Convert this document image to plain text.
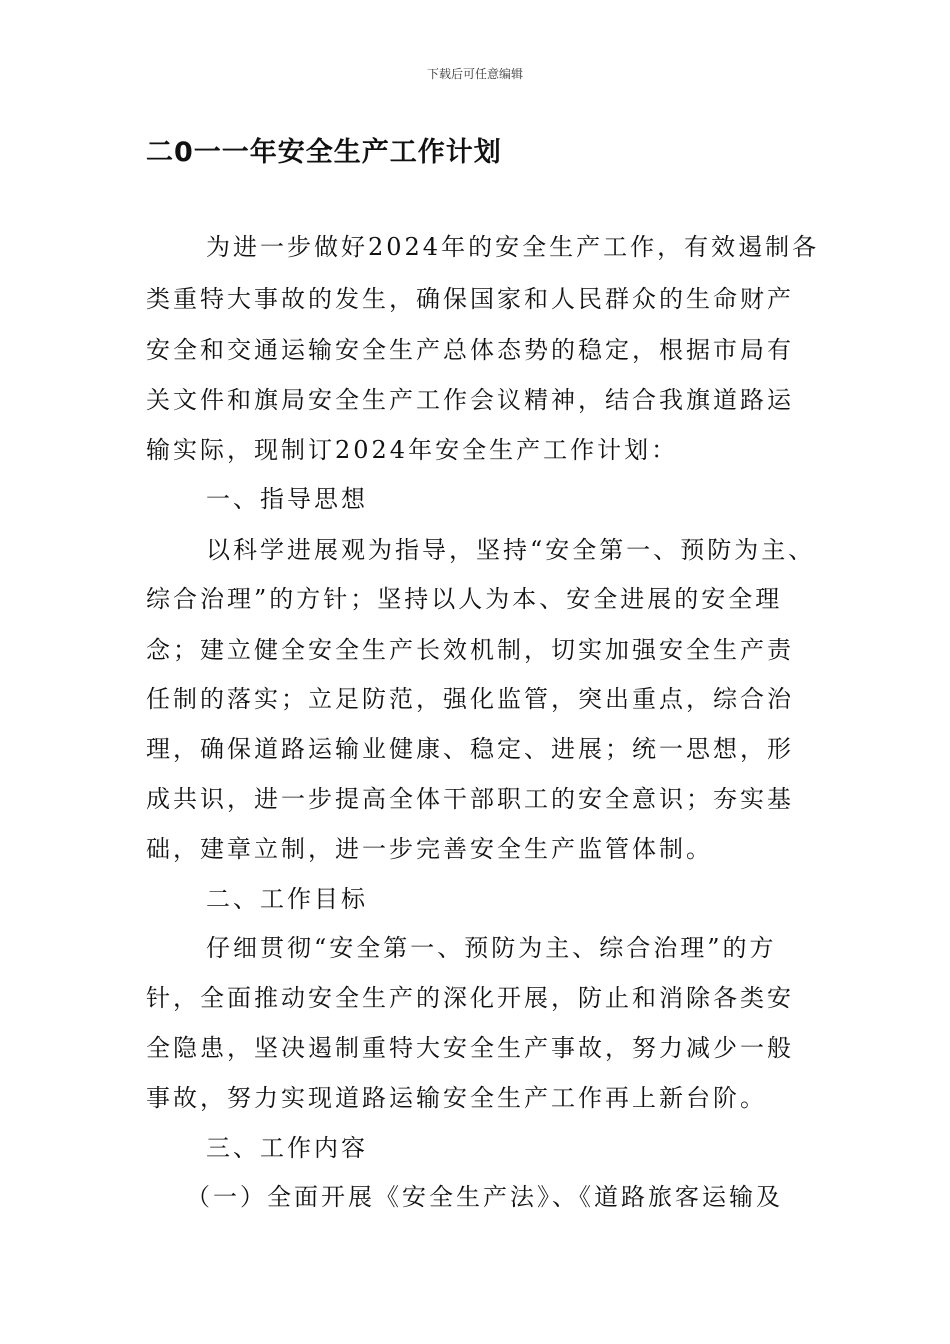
下载后可任意编辑
二0一一年安全生产工作计划
为进一步做好2024年的安全生产工作，有效遏制各
类重特大事故的发生，确保国家和人民群众的生命财产
安全和交通运输安全生产总体态势的稳定，根据市局有
关文件和旗局安全生产工作会议精神，结合我旗道路运
输实际，现制订2024年安全生产工作计划：
一、指导思想
以科学进展观为指导，坚持“安全第一、预防为主、
综合治理”的方针；坚持以人为本、安全进展的安全理
念；建立健全安全生产长效机制，切实加强安全生产责
任制的落实；立足防范，强化监管，突出重点，综合治
理，确保道路运输业健康、稳定、进展；统一思想，形
成共识，进一步提高全体干部职工的安全意识；夯实基
础，建章立制，进一步完善安全生产监管体制。
二、工作目标
仔细贯彻“安全第一、预防为主、综合治理”的方
针，全面推动安全生产的深化开展，防止和消除各类安
全隐患，坚决遏制重特大安全生产事故，努力减少一般
事故，努力实现道路运输安全生产工作再上新台阶。
三、工作内容
（一）全面开展《安全生产法》、《道路旅客运输及
